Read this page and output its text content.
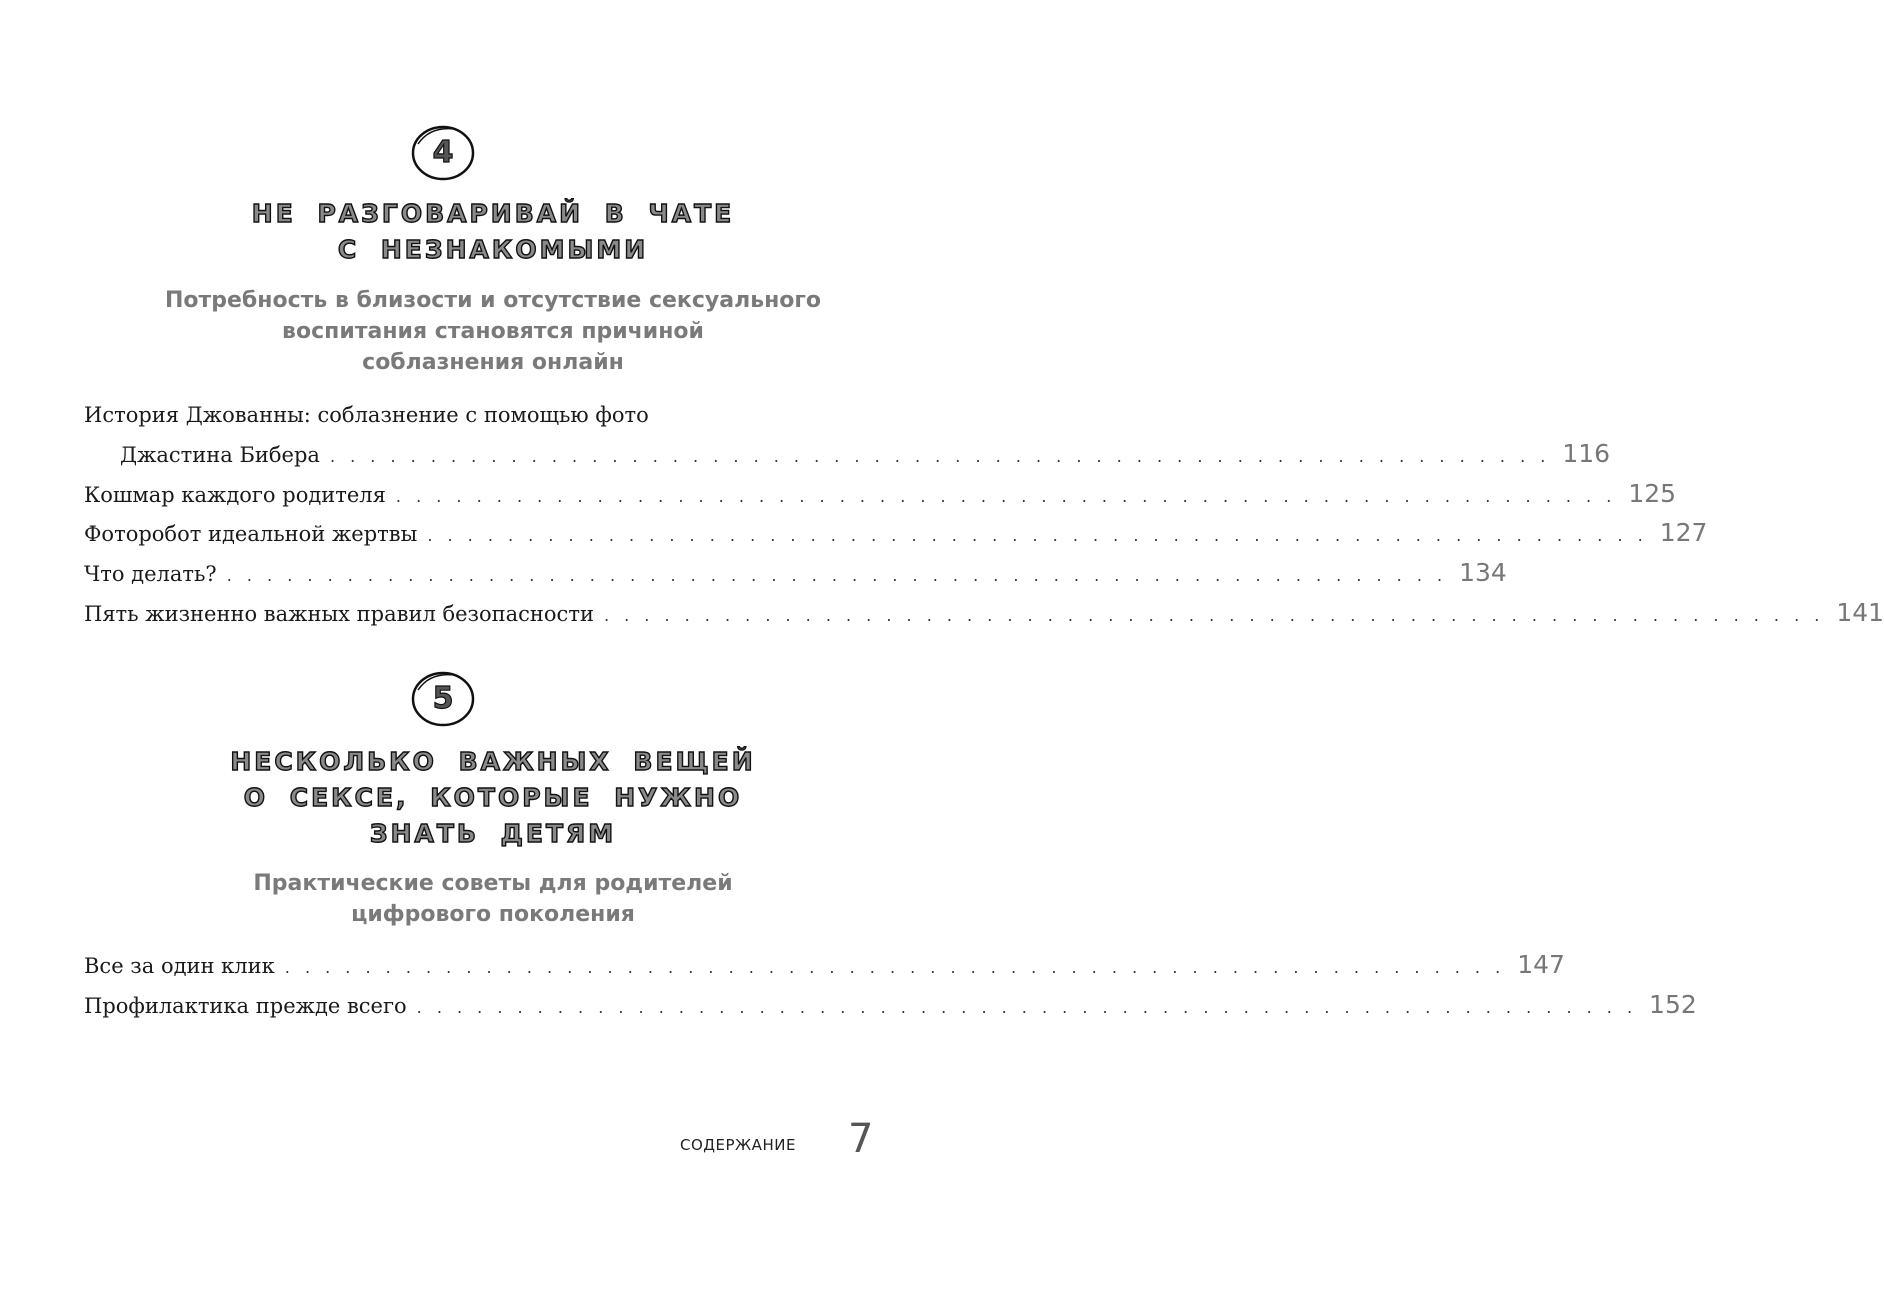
4
НЕ РАЗГОВАРИВАЙ В ЧАТЕ
С НЕЗНАКОМЫМИ
Потребность в близости и отсутствие сексуального
воспитания становятся причиной
соблазнения онлайн
История Джованны: соблазнение с помощью фото
Джастина Бибера . . . . . . . . . . . . . . . . . . . . . . . . . . . . . . . . . . . . . . . . . . . . . . . . . . . . . . . . . . . . . 116
Кошмар каждого родителя . . . . . . . . . . . . . . . . . . . . . . . . . . . . . . . . . . . . . . . . . . . . . . . . . . . . . . . . . . . . . 125
Фоторобот идеальной жертвы . . . . . . . . . . . . . . . . . . . . . . . . . . . . . . . . . . . . . . . . . . . . . . . . . . . . . . . . . . . . . 127
Что делать? . . . . . . . . . . . . . . . . . . . . . . . . . . . . . . . . . . . . . . . . . . . . . . . . . . . . . . . . . . . . . 134
Пять жизненно важных правил безопасности . . . . . . . . . . . . . . . . . . . . . . . . . . . . . . . . . . . . . . . . . . . . . . . . . . . . . . . . . . . . . 141
5
НЕСКОЛЬКО ВАЖНЫХ ВЕЩЕЙ
О СЕКСЕ, КОТОРЫЕ НУЖНО
ЗНАТЬ ДЕТЯМ
Практические советы для родителей
цифрового поколения
Все за один клик . . . . . . . . . . . . . . . . . . . . . . . . . . . . . . . . . . . . . . . . . . . . . . . . . . . . . . . . . . . . . 147
Профилактика прежде всего . . . . . . . . . . . . . . . . . . . . . . . . . . . . . . . . . . . . . . . . . . . . . . . . . . . . . . . . . . . . . 152
СОДЕРЖАНИЕ 7
